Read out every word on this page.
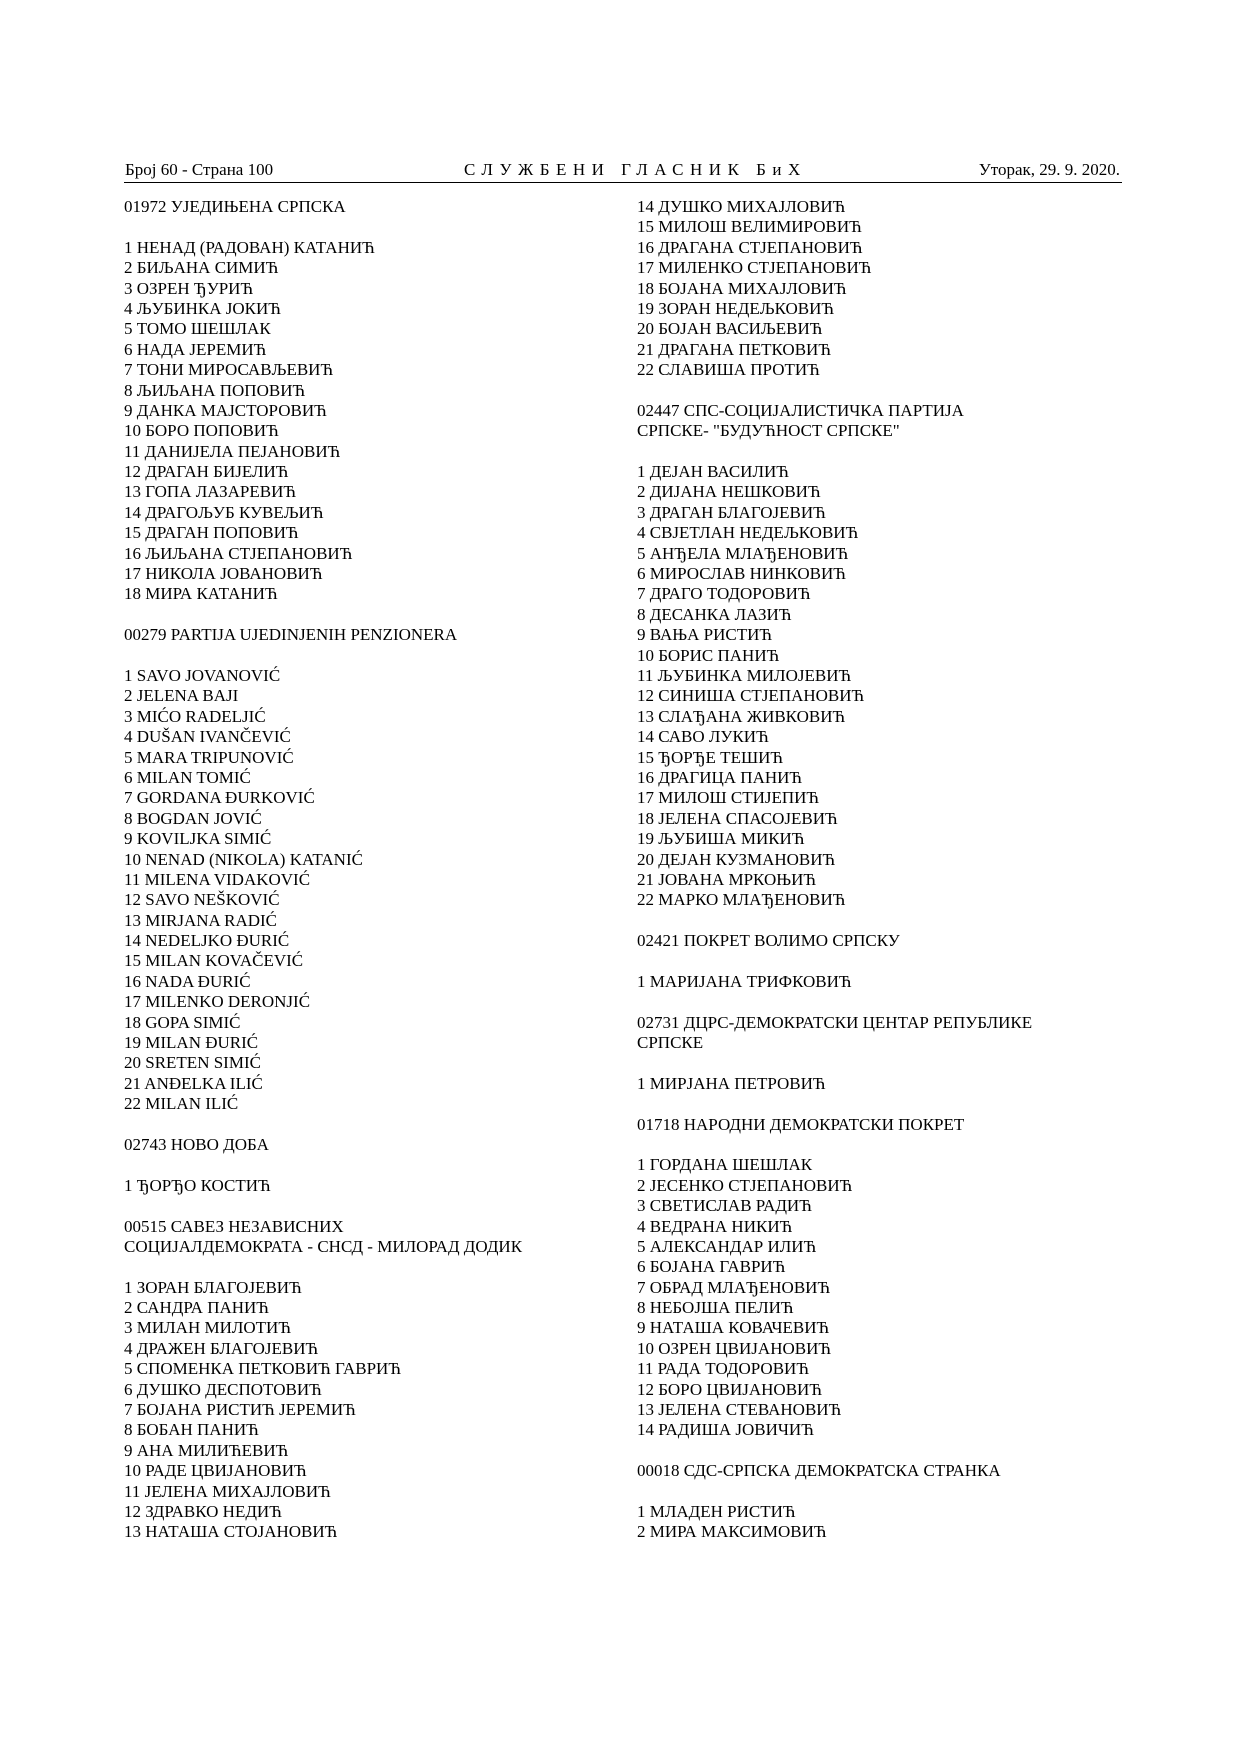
Број 60 - Страна 100	СЛУЖБЕНИ ГЛАСНИК БиХ	Уторак, 29. 9. 2020.
01972 УЈЕДИЊЕНА СРПСКА
1 НЕНАД (РАДОВАН) КАТАНИЋ
2 БИЉАНА СИМИЋ
3 ОЗРЕН ЂУРИЋ
4 ЉУБИНКА ЈОКИЋ
5 ТОМО ШЕШЛАК
6 НАДА ЈЕРЕМИЋ
7 ТОНИ МИРОСАВЉЕВИЋ
8 ЉИЉАНА ПОПОВИЋ
9 ДАНКА МАЈСТОРОВИЋ
10 БОРО ПОПОВИЋ
11 ДАНИЈЕЛА ПЕЈАНОВИЋ
12 ДРАГАН БИЈЕЛИЋ
13 ГОПА ЛАЗАРЕВИЋ
14 ДРАГОЉУБ КУВЕЉИЋ
15 ДРАГАН ПОПОВИЋ
16 ЉИЉАНА СТЈЕПАНОВИЋ
17 НИКОЛА ЈОВАНОВИЋ
18 МИРА КАТАНИЋ
00279 PARTIJA UJEDINJENIH PENZIONERA
1 SAVO JOVANOVIĆ
2 JELENA BAJI
3 MIĆO RADELJIĆ
4 DUŠAN IVANČEVIĆ
5 MARA TRIPUNOVIĆ
6 MILAN TOMIĆ
7 GORDANA ĐURKOVIĆ
8 BOGDAN JOVIĆ
9 KOVILJKA SIMIĆ
10 NENAD (NIKOLA) KATANIĆ
11 MILENA VIDAKOVIĆ
12 SAVO NEŠKOVIĆ
13 MIRJANA RADIĆ
14 NEDELJKO ĐURIĆ
15 MILAN KOVAČEVIĆ
16 NADA ĐURIĆ
17 MILENKO DERONJIĆ
18 GOPA SIMIĆ
19 MILAN ĐURIĆ
20 SRETEN SIMIĆ
21 ANĐELKA ILIĆ
22 MILAN ILIĆ
02743 НОВО ДОБА
1 ЂОРЂО КОСТИЋ
00515 САВЕЗ НЕЗАВИСНИХ
СОЦИЈАЛДЕМОКРАТА - СНСД - МИЛОРАД ДОДИК
1 ЗОРАН БЛАГОЈЕВИЋ
2 САНДРА ПАНИЋ
3 МИЛАН МИЛОТИЋ
4 ДРАЖЕН БЛАГОЈЕВИЋ
5 СПОМЕНКА ПЕТКОВИЋ ГАВРИЋ
6 ДУШКО ДЕСПОТОВИЋ
7 БОЈАНА РИСТИЋ ЈЕРЕМИЋ
8 БОБАН ПАНИЋ
9 АНА МИЛИЋЕВИЋ
10 РАДЕ ЦВИЈАНОВИЋ
11 ЈЕЛЕНА МИХАЈЛОВИЋ
12 ЗДРАВКО НЕДИЋ
13 НАТАША СТОЈАНОВИЋ
14 ДУШКО МИХАЈЛОВИЋ
15 МИЛОШ ВЕЛИМИРОВИЋ
16 ДРАГАНА СТЈЕПАНОВИЋ
17 МИЛЕНКО СТЈЕПАНОВИЋ
18 БОЈАНА МИХАЈЛОВИЋ
19 ЗОРАН НЕДЕЉКОВИЋ
20 БОЈАН ВАСИЉЕВИЋ
21 ДРАГАНА ПЕТКОВИЋ
22 СЛАВИША ПРОТИЋ
02447 СПС-СОЦИЈАЛИСТИЧКА ПАРТИЈА
СРПСКЕ- "БУДУЋНОСТ СРПСКЕ"
1 ДЕЈАН ВАСИЛИЋ
2 ДИЈАНА НЕШКОВИЋ
3 ДРАГАН БЛАГОЈЕВИЋ
4 СВЈЕТЛАН НЕДЕЉКОВИЋ
5 АНЂЕЛА МЛАЂЕНОВИЋ
6 МИРОСЛАВ НИНКОВИЋ
7 ДРАГО ТОДОРОВИЋ
8 ДЕСАНКА ЛАЗИЋ
9 ВАЊА РИСТИЋ
10 БОРИС ПАНИЋ
11 ЉУБИНКА МИЛОЈЕВИЋ
12 СИНИША СТЈЕПАНОВИЋ
13 СЛАЂАНА ЖИВКОВИЋ
14 САВО ЛУКИЋ
15 ЂОРЂЕ ТЕШИЋ
16 ДРАГИЦА ПАНИЋ
17 МИЛОШ СТИЈЕПИЋ
18 ЈЕЛЕНА СПАСОЈЕВИЋ
19 ЉУБИША МИКИЋ
20 ДЕЈАН КУЗМАНОВИЋ
21 ЈОВАНА МРКОЊИЋ
22 МАРКО МЛАЂЕНОВИЋ
02421 ПОКРЕТ ВОЛИМО СРПСКУ
1 МАРИЈАНА ТРИФКОВИЋ
02731 ДЦРС-ДЕМОКРАТСКИ ЦЕНТАР РЕПУБЛИКЕ
СРПСКЕ
1 МИРЈАНА ПЕТРОВИЋ
01718 НАРОДНИ ДЕМОКРАТСКИ ПОКРЕТ
1 ГОРДАНА ШЕШЛАК
2 ЈЕСЕНКО СТЈЕПАНОВИЋ
3 СВЕТИСЛАВ РАДИЋ
4 ВЕДРАНА НИКИЋ
5 АЛЕКСАНДАР ИЛИЋ
6 БОЈАНА ГАВРИЋ
7 ОБРАД МЛАЂЕНОВИЋ
8 НЕБОЈША ПЕЛИЋ
9 НАТАША КОВАЧЕВИЋ
10 ОЗРЕН ЦВИЈАНОВИЋ
11 РАДА ТОДОРОВИЋ
12 БОРО ЦВИЈАНОВИЋ
13 ЈЕЛЕНА СТЕВАНОВИЋ
14 РАДИША ЈОВИЧИЋ
00018 СДС-СРПСКА ДЕМОКРАТСКА СТРАНКА
1 МЛАДЕН РИСТИЋ
2 МИРА МАКСИМОВИЋ
